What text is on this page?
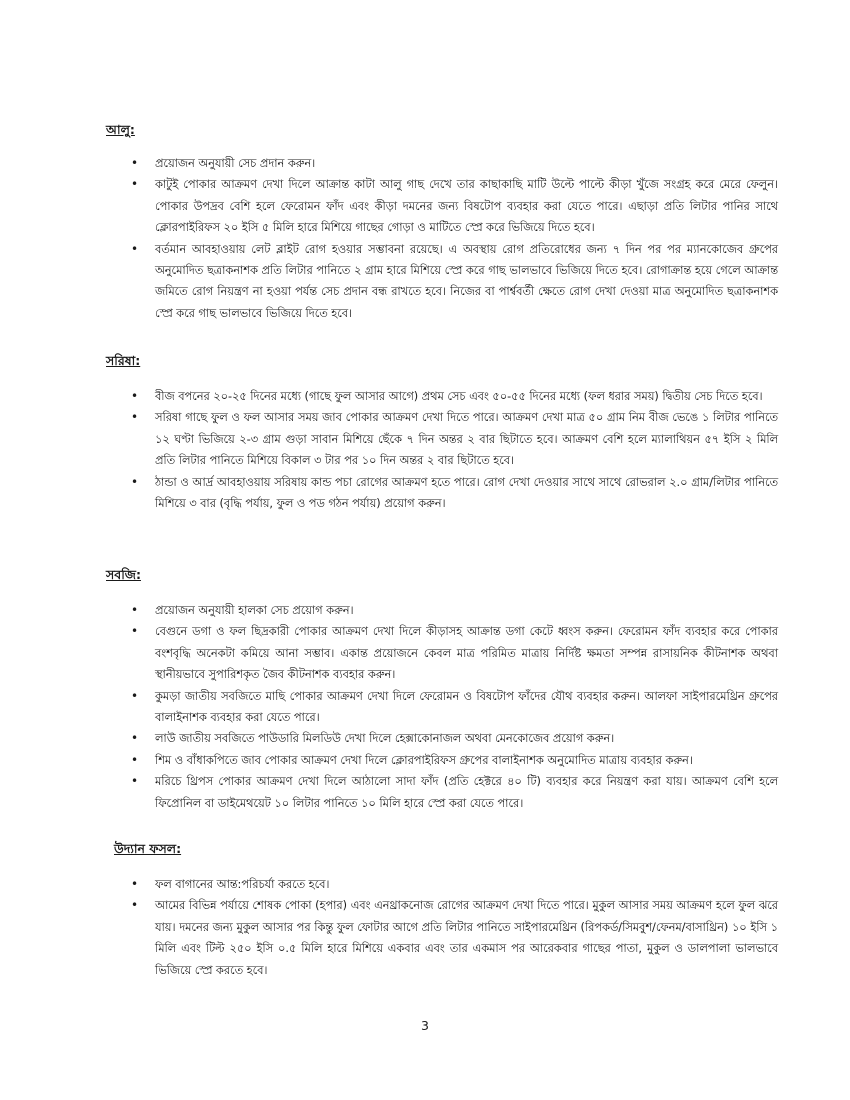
আলু:
• প্রয়োজন অনুযায়ী সেচ প্রদান করুন।
• কাটুই পোকার আক্রমণ দেখা দিলে আক্রান্ত কাটা আলু গাছ দেখে তার কাছাকাছি মাটি উল্টে পাল্টে কীড়া খুঁজে সংগ্রহ করে মেরে ফেলুন। পোকার উপদ্রব বেশি হলে ফেরোমন ফাঁদ এবং কীড়া দমনের জন্য বিষটোপ ব্যবহার করা যেতে পারে। এছাড়া প্রতি লিটার পানির সাথে ক্লোরপাইরিফস ২০ ইসি ৫ মিলি হারে মিশিয়ে গাছের গোড়া ও মাটিতে স্প্রে করে ভিজিয়ে দিতে হবে।
• বর্তমান আবহাওয়ায় লেট ব্লাইট রোগ হওয়ার সম্ভাবনা রয়েছে। এ অবস্থায় রোগ প্রতিরোধের জন্য ৭ দিন পর পর ম্যানকোজেব গ্রুপের অনুমোদিত ছত্রাকনাশক প্রতি লিটার পানিতে ২ গ্রাম হারে মিশিয়ে স্প্রে করে গাছ ভালভাবে ভিজিয়ে দিতে হবে। রোগাক্রান্ত হয়ে গেলে আক্রান্ত জমিতে রোগ নিয়ন্ত্রণ না হওয়া পর্যন্ত সেচ প্রদান বন্ধ রাখতে হবে। নিজের বা পার্শ্ববর্তী ক্ষেতে রোগ দেখা দেওয়া মাত্র অনুমোদিত ছত্রাকনাশক স্প্রে করে গাছ ভালভাবে ভিজিয়ে দিতে হবে।
সরিষা:
• বীজ বপনের ২০-২৫ দিনের মধ্যে (গাছে ফুল আসার আগে) প্রথম সেচ এবং ৫০-৫৫ দিনের মধ্যে (ফল ধরার সময়) দ্বিতীয় সেচ দিতে হবে।
• সরিষা গাছে ফুল ও ফল আসার সময় জাব পোকার আক্রমণ দেখা দিতে পারে। আক্রমণ দেখা মাত্র ৫০ গ্রাম নিম বীজ ভেঙে ১ লিটার পানিতে ১২ ঘণ্টা ভিজিয়ে ২-৩ গ্রাম গুড়া সাবান মিশিয়ে ছেঁকে ৭ দিন অন্তর ২ বার ছিটাতে হবে। আক্রমণ বেশি হলে ম্যালাথিয়ন ৫৭ ইসি ২ মিলি প্রতি লিটার পানিতে মিশিয়ে বিকাল ৩ টার পর ১০ দিন অন্তর ২ বার ছিটাতে হবে।
• ঠান্ডা ও আর্দ্র আবহাওয়ায় সরিষায় কান্ড পচা রোগের আক্রমণ হতে পারে। রোগ দেখা দেওয়ার সাথে সাথে রোভরাল ২.০ গ্রাম/লিটার পানিতে মিশিয়ে ৩ বার (বৃদ্ধি পর্যায়, ফুল ও পড গঠন পর্যায়) প্রয়োগ করুন।
সবজি:
• প্রয়োজন অনুযায়ী হালকা সেচ প্রয়োগ করুন।
• বেগুনে ডগা ও ফল ছিদ্রকারী পোকার আক্রমণ দেখা দিলে কীড়াসহ আক্রান্ত ডগা কেটে ধ্বংস করুন। ফেরোমন ফাঁদ ব্যবহার করে পোকার বংশবৃদ্ধি অনেকটা কমিয়ে আনা সম্ভাব। একান্ত প্রয়োজনে কেবল মাত্র পরিমিত মাত্রায় নির্দিষ্ট ক্ষমতা সম্পন্ন রাসায়নিক কীটনাশক অথবা স্থানীয়ভাবে সুপারিশকৃত জৈব কীটনাশক ব্যবহার করুন।
• কুমড়া জাতীয় সবজিতে মাছি পোকার আক্রমণ দেখা দিলে ফেরোমন ও বিষটোপ ফাঁদের যৌথ ব্যবহার করুন। আলফা সাইপারমেথ্রিন গ্রুপের বালাইনাশক ব্যবহার করা যেতে পারে।
• লাউ জাতীয় সবজিতে পাউডারি মিলডিউ দেখা দিলে হেক্সাকোনাজল অথবা মেনকোজেব প্রয়োগ করুন।
• শিম ও বাঁধাকপিতে জাব পোকার আক্রমণ দেখা দিলে ক্লোরপাইরিফস গ্রুপের বালাইনাশক অনুমোদিত মাত্রায় ব্যবহার করুন।
• মরিচে থ্রিপস পোকার আক্রমণ দেখা দিলে আঠালো সাদা ফাঁদ (প্রতি হেক্টরে ৪০ টি) ব্যবহার করে নিয়ন্ত্রণ করা যায়। আক্রমণ বেশি হলে ফিপ্রোনিল বা ডাইমেথয়েট ১০ লিটার পানিতে ১০ মিলি হারে স্প্রে করা যেতে পারে।
উদ্যান ফসল:
• ফল বাগানের আন্ত:পরিচর্যা করতে হবে।
• আমের বিভিন্ন পর্যায়ে শোষক পোকা (হপার) এবং এনথ্রাকনোজ রোগের আক্রমণ দেখা দিতে পারে। মুকুল আসার সময় আক্রমণ হলে ফুল ঝরে যায়। দমনের জন্য মুকুল আসার পর কিন্তু ফুল ফোটার আগে প্রতি লিটার পানিতে সাইপারমেথ্রিন (রিপকর্ড/সিমবুশ/ফেনম/বাসাথ্রিন) ১০ ইসি ১ মিলি এবং টিল্ট ২৫০ ইসি ০.৫ মিলি হারে মিশিয়ে একবার এবং তার একমাস পর আরেকবার গাছের পাতা, মুকুল ও ডালপালা ভালভাবে ভিজিয়ে স্প্রে করতে হবে।
3
